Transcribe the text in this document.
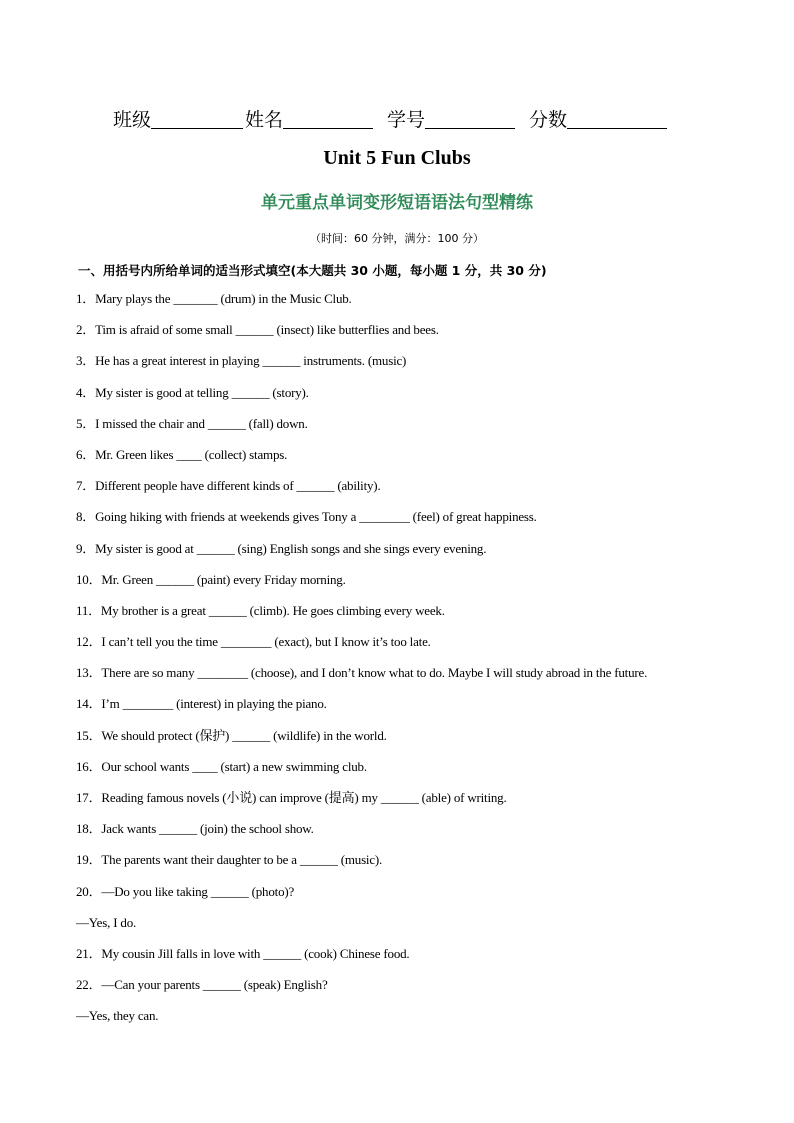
班级	姓名	学号	分数
Unit 5 Fun Clubs
单元重点单词变形短语语法句型精练
（时间：60 分钟，满分：100 分）
一、用括号内所给单词的适当形式填空(本大题共 30 小题，每小题 1 分，共 30 分)
1．Mary plays the _______ (drum) in the Music Club.
2．Tim is afraid of some small ______ (insect) like butterflies and bees.
3．He has a great interest in playing ______ instruments. (music)
4．My sister is good at telling ______ (story).
5．I missed the chair and ______ (fall) down.
6．Mr. Green likes ____ (collect) stamps.
7．Different people have different kinds of ______ (ability).
8．Going hiking with friends at weekends gives Tony a ________ (feel) of great happiness.
9．My sister is good at ______ (sing) English songs and she sings every evening.
10．Mr. Green ______ (paint) every Friday morning.
11．My brother is a great ______ (climb). He goes climbing every week.
12．I can’t tell you the time ________ (exact), but I know it’s too late.
13．There are so many ________ (choose), and I don’t know what to do. Maybe I will study abroad in the future.
14．I’m ________ (interest) in playing the piano.
15．We should protect (保护) ______ (wildlife) in the world.
16．Our school wants ____ (start) a new swimming club.
17．Reading famous novels (小说) can improve (提高) my ______ (able) of writing.
18．Jack wants ______ (join) the school show.
19．The parents want their daughter to be a ______ (music).
20．—Do you like taking ______ (photo)?
—Yes, I do.
21．My cousin Jill falls in love with ______ (cook) Chinese food.
22．—Can your parents ______ (speak) English?
—Yes, they can.
